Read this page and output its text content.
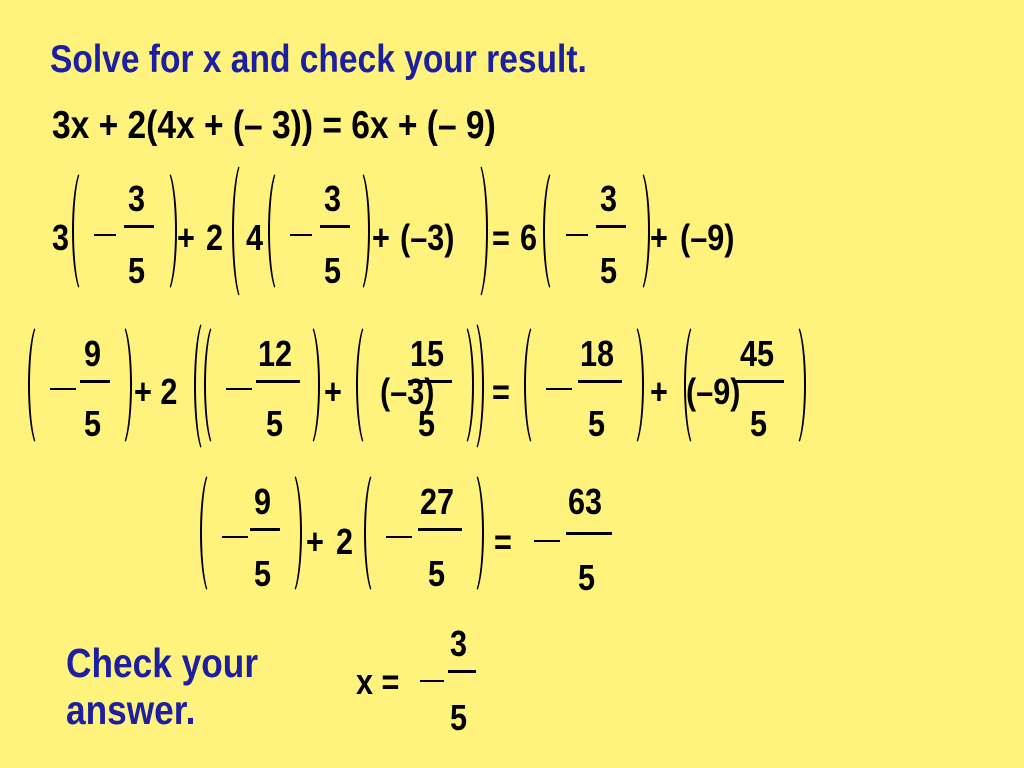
Solve for x and check your result.
3x + 2(4x + (– 3)) = 6x + (– 9)
3
3
5
+ 2 4
3
5
+ (–3) = 6
3
5
+ (–9)
9
5
+ 2
12
5
+
15
5
(–3) =
18
5
+
45
5
(–9)
9
5
+ 2
27
5
=
63
5
Check your
answer.
x =
3
5
